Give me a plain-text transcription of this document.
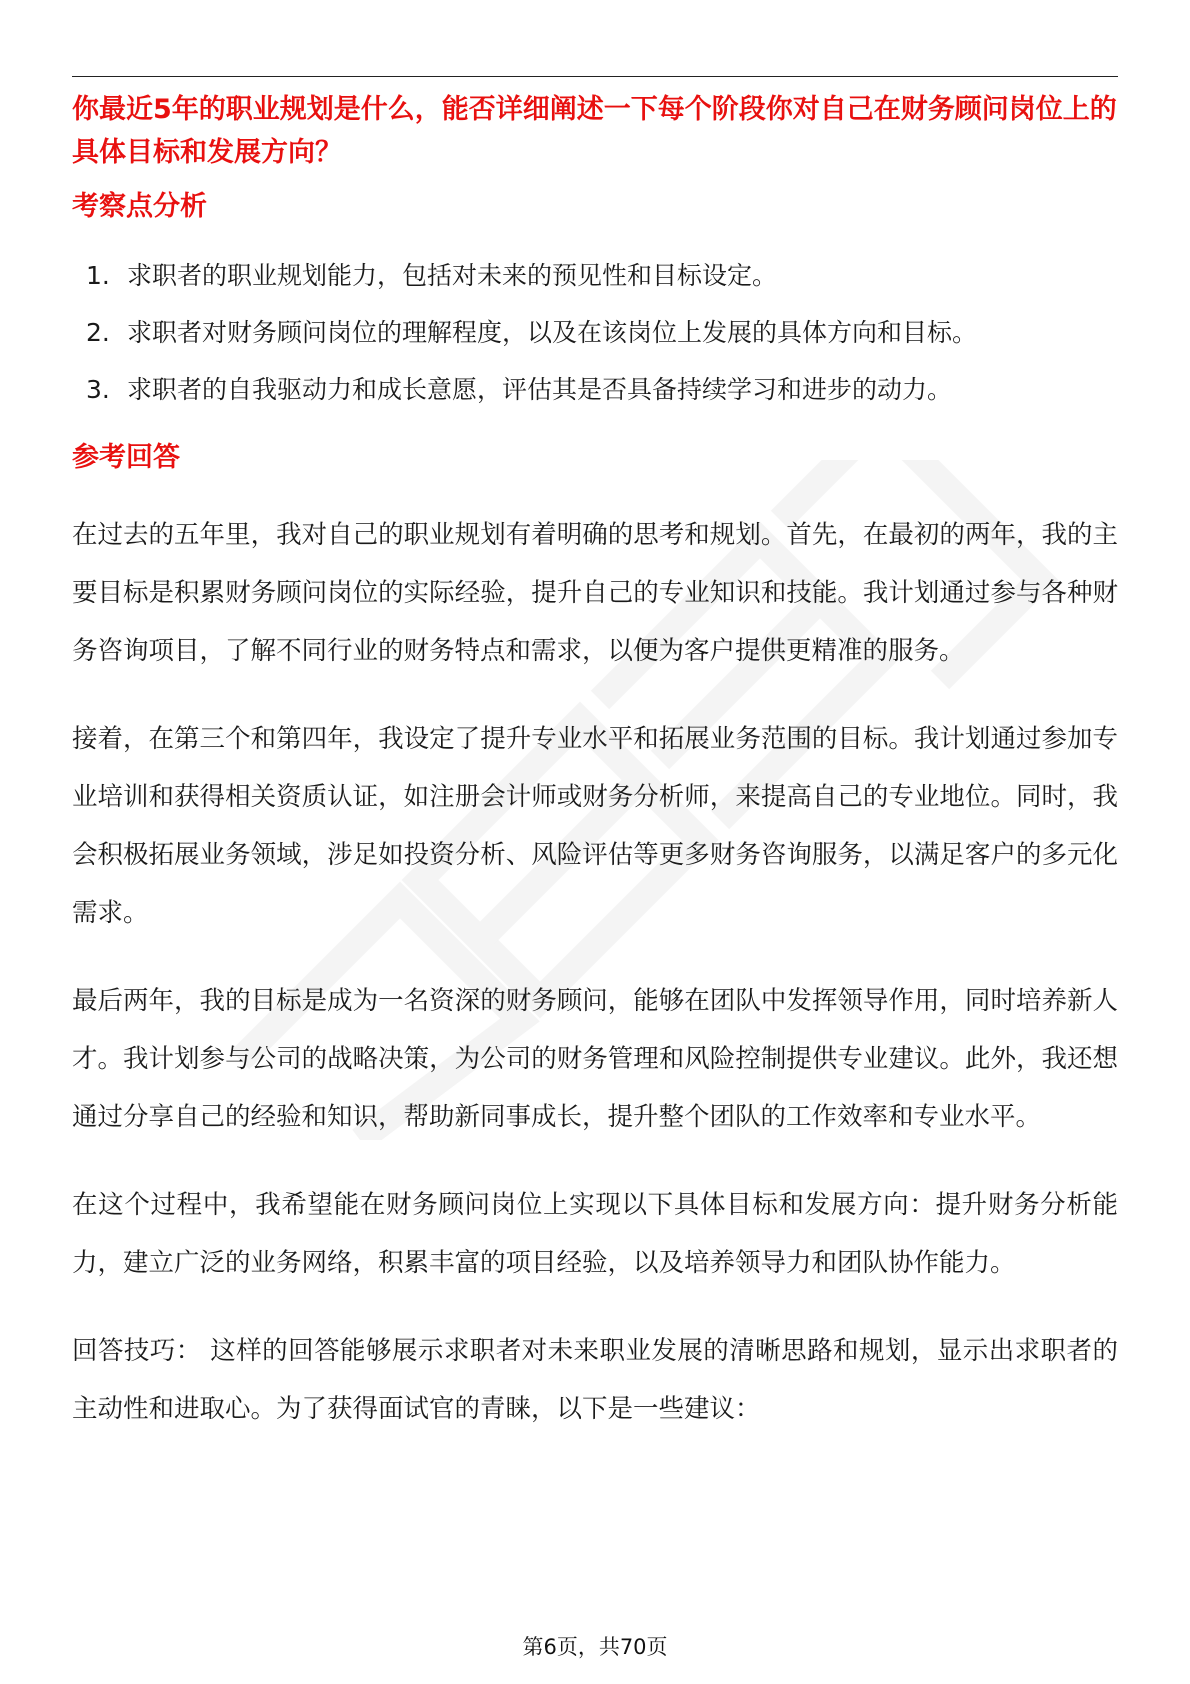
你最近5年的职业规划是什么，能否详细阐述一下每个阶段你对自己在财务顾问岗位上的具体目标和发展方向？

考察点分析
1. 求职者的职业规划能力，包括对未来的预见性和目标设定。
2. 求职者对财务顾问岗位的理解程度，以及在该岗位上发展的具体方向和目标。
3. 求职者的自我驱动力和成长意愿，评估其是否具备持续学习和进步的动力。
参考回答

在过去的五年里，我对自己的职业规划有着明确的思考和规划。首先，在最初的两年，我的主要目标是积累财务顾问岗位的实际经验，提升自己的专业知识和技能。我计划通过参与各种财务咨询项目，了解不同行业的财务特点和需求，以便为客户提供更精准的服务。

接着，在第三个和第四年，我设定了提升专业水平和拓展业务范围的目标。我计划通过参加专业培训和获得相关资质认证，如注册会计师或财务分析师，来提高自己的专业地位。同时，我会积极拓展业务领域，涉足如投资分析、风险评估等更多财务咨询服务，以满足客户的多元化需求。

最后两年，我的目标是成为一名资深的财务顾问，能够在团队中发挥领导作用，同时培养新人才。我计划参与公司的战略决策，为公司的财务管理和风险控制提供专业建议。此外，我还想通过分享自己的经验和知识，帮助新同事成长，提升整个团队的工作效率和专业水平。

在这个过程中，我希望能在财务顾问岗位上实现以下具体目标和发展方向：提升财务分析能力，建立广泛的业务网络，积累丰富的项目经验，以及培养领导力和团队协作能力。

回答技巧： 这样的回答能够展示求职者对未来职业发展的清晰思路和规划，显示出求职者的主动性和进取心。为了获得面试官的青睐，以下是一些建议：

第6页，共70页
